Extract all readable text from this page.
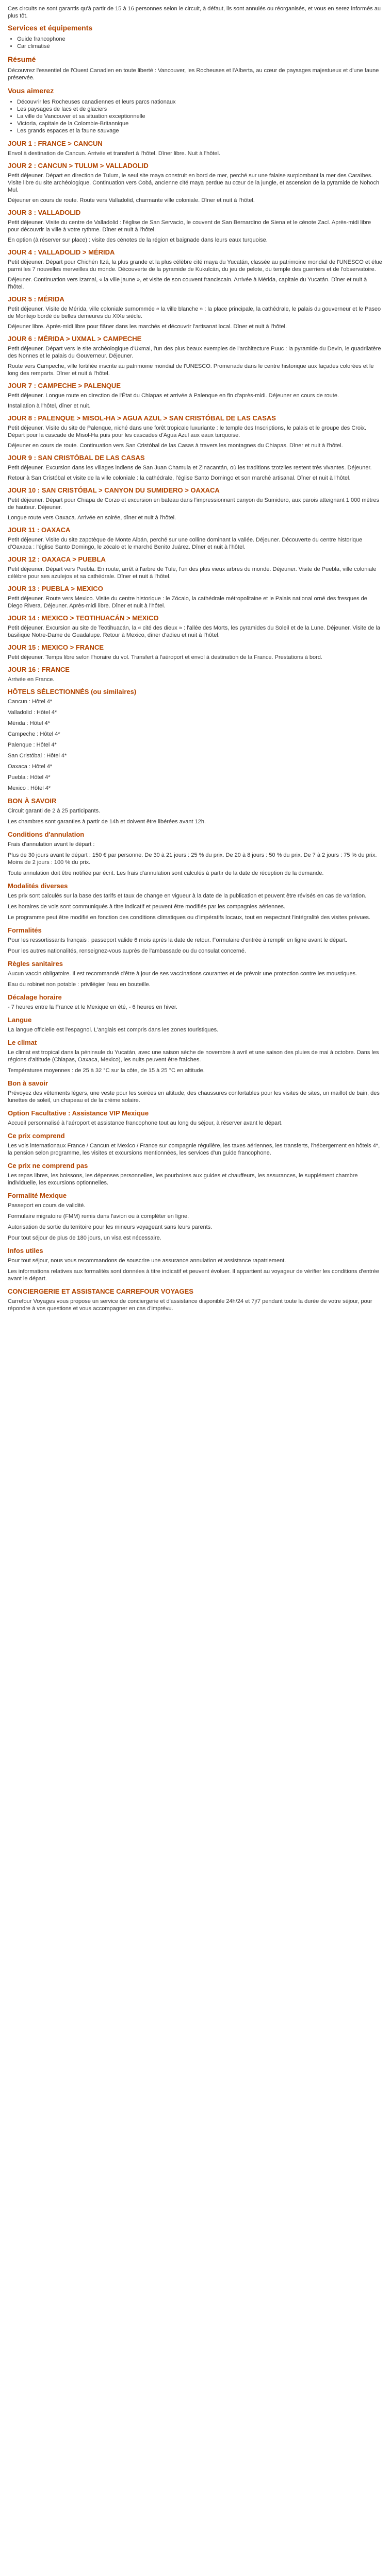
Ces circuits ne sont garantis qu'à partir de 15 à 16 personnes selon le circuit, à défaut, ils sont annulés ou réorganisés, et vous en serez informés au plus tôt.

Services et équipements
• Guide francophone
• Car climatisé
Résumé

Découvrez l'essentiel de l'Ouest Canadien en toute liberté : Vancouver, les Rocheuses et l'Alberta, au cœur de paysages majestueux et d'une faune préservée.

Vous aimerez
• Découvrir les Rocheuses canadiennes et leurs parcs nationaux
• Les paysages de lacs et de glaciers
• La ville de Vancouver et sa situation exceptionnelle
• Victoria, capitale de la Colombie-Britannique
• Les grands espaces et la faune sauvage
JOUR 1 : FRANCE > CANCUN

Envol à destination de Cancun. Arrivée et transfert à l'hôtel. Dîner libre. Nuit à l'hôtel.

JOUR 2 : CANCUN > TULUM > VALLADOLID

Petit déjeuner. Départ en direction de Tulum, le seul site maya construit en bord de mer, perché sur une falaise surplombant la mer des Caraïbes. Visite libre du site archéologique. Continuation vers Cobá, ancienne cité maya perdue au cœur de la jungle, et ascension de la pyramide de Nohoch Mul.

Déjeuner en cours de route. Route vers Valladolid, charmante ville coloniale. Dîner et nuit à l'hôtel.

JOUR 3 : VALLADOLID

Petit déjeuner. Visite du centre de Valladolid : l'église de San Servacio, le couvent de San Bernardino de Siena et le cénote Zací. Après-midi libre pour découvrir la ville à votre rythme. Dîner et nuit à l'hôtel.

En option (à réserver sur place) : visite des cénotes de la région et baignade dans leurs eaux turquoise.

JOUR 4 : VALLADOLID > MÉRIDA

Petit déjeuner. Départ pour Chichén Itzá, la plus grande et la plus célèbre cité maya du Yucatán, classée au patrimoine mondial de l'UNESCO et élue parmi les 7 nouvelles merveilles du monde. Découverte de la pyramide de Kukulcán, du jeu de pelote, du temple des guerriers et de l'observatoire.

Déjeuner. Continuation vers Izamal, « la ville jaune », et visite de son couvent franciscain. Arrivée à Mérida, capitale du Yucatán. Dîner et nuit à l'hôtel.

JOUR 5 : MÉRIDA

Petit déjeuner. Visite de Mérida, ville coloniale surnommée « la ville blanche » : la place principale, la cathédrale, le palais du gouverneur et le Paseo de Montejo bordé de belles demeures du XIXe siècle.

Déjeuner libre. Après-midi libre pour flâner dans les marchés et découvrir l'artisanat local. Dîner et nuit à l'hôtel.

JOUR 6 : MÉRIDA > UXMAL > CAMPECHE

Petit déjeuner. Départ vers le site archéologique d'Uxmal, l'un des plus beaux exemples de l'architecture Puuc : la pyramide du Devin, le quadrilatère des Nonnes et le palais du Gouverneur. Déjeuner.

Route vers Campeche, ville fortifiée inscrite au patrimoine mondial de l'UNESCO. Promenade dans le centre historique aux façades colorées et le long des remparts. Dîner et nuit à l'hôtel.

JOUR 7 : CAMPECHE > PALENQUE

Petit déjeuner. Longue route en direction de l'État du Chiapas et arrivée à Palenque en fin d'après-midi. Déjeuner en cours de route.

Installation à l'hôtel, dîner et nuit.

JOUR 8 : PALENQUE > MISOL-HA > AGUA AZUL > SAN CRISTÓBAL DE LAS CASAS

Petit déjeuner. Visite du site de Palenque, niché dans une forêt tropicale luxuriante : le temple des Inscriptions, le palais et le groupe des Croix. Départ pour la cascade de Misol-Ha puis pour les cascades d'Agua Azul aux eaux turquoise.

Déjeuner en cours de route. Continuation vers San Cristóbal de las Casas à travers les montagnes du Chiapas. Dîner et nuit à l'hôtel.

JOUR 9 : SAN CRISTÓBAL DE LAS CASAS

Petit déjeuner. Excursion dans les villages indiens de San Juan Chamula et Zinacantán, où les traditions tzotziles restent très vivantes. Déjeuner.

Retour à San Cristóbal et visite de la ville coloniale : la cathédrale, l'église Santo Domingo et son marché artisanal. Dîner et nuit à l'hôtel.

JOUR 10 : SAN CRISTÓBAL > CANYON DU SUMIDERO > OAXACA

Petit déjeuner. Départ pour Chiapa de Corzo et excursion en bateau dans l'impressionnant canyon du Sumidero, aux parois atteignant 1 000 mètres de hauteur. Déjeuner.

Longue route vers Oaxaca. Arrivée en soirée, dîner et nuit à l'hôtel.

JOUR 11 : OAXACA

Petit déjeuner. Visite du site zapotèque de Monte Albán, perché sur une colline dominant la vallée. Déjeuner. Découverte du centre historique d'Oaxaca : l'église Santo Domingo, le zócalo et le marché Benito Juárez. Dîner et nuit à l'hôtel.

JOUR 12 : OAXACA > PUEBLA

Petit déjeuner. Départ vers Puebla. En route, arrêt à l'arbre de Tule, l'un des plus vieux arbres du monde. Déjeuner. Visite de Puebla, ville coloniale célèbre pour ses azulejos et sa cathédrale. Dîner et nuit à l'hôtel.

JOUR 13 : PUEBLA > MEXICO

Petit déjeuner. Route vers Mexico. Visite du centre historique : le Zócalo, la cathédrale métropolitaine et le Palais national orné des fresques de Diego Rivera. Déjeuner. Après-midi libre. Dîner et nuit à l'hôtel.

JOUR 14 : MEXICO > TEOTIHUACÁN > MEXICO

Petit déjeuner. Excursion au site de Teotihuacán, la « cité des dieux » : l'allée des Morts, les pyramides du Soleil et de la Lune. Déjeuner. Visite de la basilique Notre-Dame de Guadalupe. Retour à Mexico, dîner d'adieu et nuit à l'hôtel.

JOUR 15 : MEXICO > FRANCE

Petit déjeuner. Temps libre selon l'horaire du vol. Transfert à l'aéroport et envol à destination de la France. Prestations à bord.

JOUR 16 : FRANCE

Arrivée en France.

HÔTELS SÉLECTIONNÉS (ou similaires)

Cancun : Hôtel 4*

Valladolid : Hôtel 4*

Mérida : Hôtel 4*

Campeche : Hôtel 4*

Palenque : Hôtel 4*

San Cristóbal : Hôtel 4*

Oaxaca : Hôtel 4*

Puebla : Hôtel 4*

Mexico : Hôtel 4*

BON À SAVOIR

Circuit garanti de 2 à 25 participants.

Les chambres sont garanties à partir de 14h et doivent être libérées avant 12h.

Conditions d'annulation

Frais d'annulation avant le départ :

Plus de 30 jours avant le départ : 150 € par personne. De 30 à 21 jours : 25 % du prix. De 20 à 8 jours : 50 % du prix. De 7 à 2 jours : 75 % du prix. Moins de 2 jours : 100 % du prix.

Toute annulation doit être notifiée par écrit. Les frais d'annulation sont calculés à partir de la date de réception de la demande.

Modalités diverses

Les prix sont calculés sur la base des tarifs et taux de change en vigueur à la date de la publication et peuvent être révisés en cas de variation.

Les horaires de vols sont communiqués à titre indicatif et peuvent être modifiés par les compagnies aériennes.

Le programme peut être modifié en fonction des conditions climatiques ou d'impératifs locaux, tout en respectant l'intégralité des visites prévues.

Formalités

Pour les ressortissants français : passeport valide 6 mois après la date de retour. Formulaire d'entrée à remplir en ligne avant le départ.

Pour les autres nationalités, renseignez-vous auprès de l'ambassade ou du consulat concerné.

Règles sanitaires

Aucun vaccin obligatoire. Il est recommandé d'être à jour de ses vaccinations courantes et de prévoir une protection contre les moustiques.

Eau du robinet non potable : privilégier l'eau en bouteille.

Décalage horaire

- 7 heures entre la France et le Mexique en été, - 6 heures en hiver.

Langue

La langue officielle est l'espagnol. L'anglais est compris dans les zones touristiques.

Le climat

Le climat est tropical dans la péninsule du Yucatán, avec une saison sèche de novembre à avril et une saison des pluies de mai à octobre. Dans les régions d'altitude (Chiapas, Oaxaca, Mexico), les nuits peuvent être fraîches.

Températures moyennes : de 25 à 32 °C sur la côte, de 15 à 25 °C en altitude.

Bon à savoir

Prévoyez des vêtements légers, une veste pour les soirées en altitude, des chaussures confortables pour les visites de sites, un maillot de bain, des lunettes de soleil, un chapeau et de la crème solaire.

Option Facultative : Assistance VIP Mexique

Accueil personnalisé à l'aéroport et assistance francophone tout au long du séjour, à réserver avant le départ.

Ce prix comprend

Les vols internationaux France / Cancun et Mexico / France sur compagnie régulière, les taxes aériennes, les transferts, l'hébergement en hôtels 4*, la pension selon programme, les visites et excursions mentionnées, les services d'un guide francophone.

Ce prix ne comprend pas

Les repas libres, les boissons, les dépenses personnelles, les pourboires aux guides et chauffeurs, les assurances, le supplément chambre individuelle, les excursions optionnelles.

Formalité Mexique

Passeport en cours de validité.

Formulaire migratoire (FMM) remis dans l'avion ou à compléter en ligne.

Autorisation de sortie du territoire pour les mineurs voyageant sans leurs parents.

Pour tout séjour de plus de 180 jours, un visa est nécessaire.

Infos utiles

Pour tout séjour, nous vous recommandons de souscrire une assurance annulation et assistance rapatriement.

Les informations relatives aux formalités sont données à titre indicatif et peuvent évoluer. Il appartient au voyageur de vérifier les conditions d'entrée avant le départ.

CONCIERGERIE ET ASSISTANCE CARREFOUR VOYAGES

Carrefour Voyages vous propose un service de conciergerie et d'assistance disponible 24h/24 et 7j/7 pendant toute la durée de votre séjour, pour répondre à vos questions et vous accompagner en cas d'imprévu.
